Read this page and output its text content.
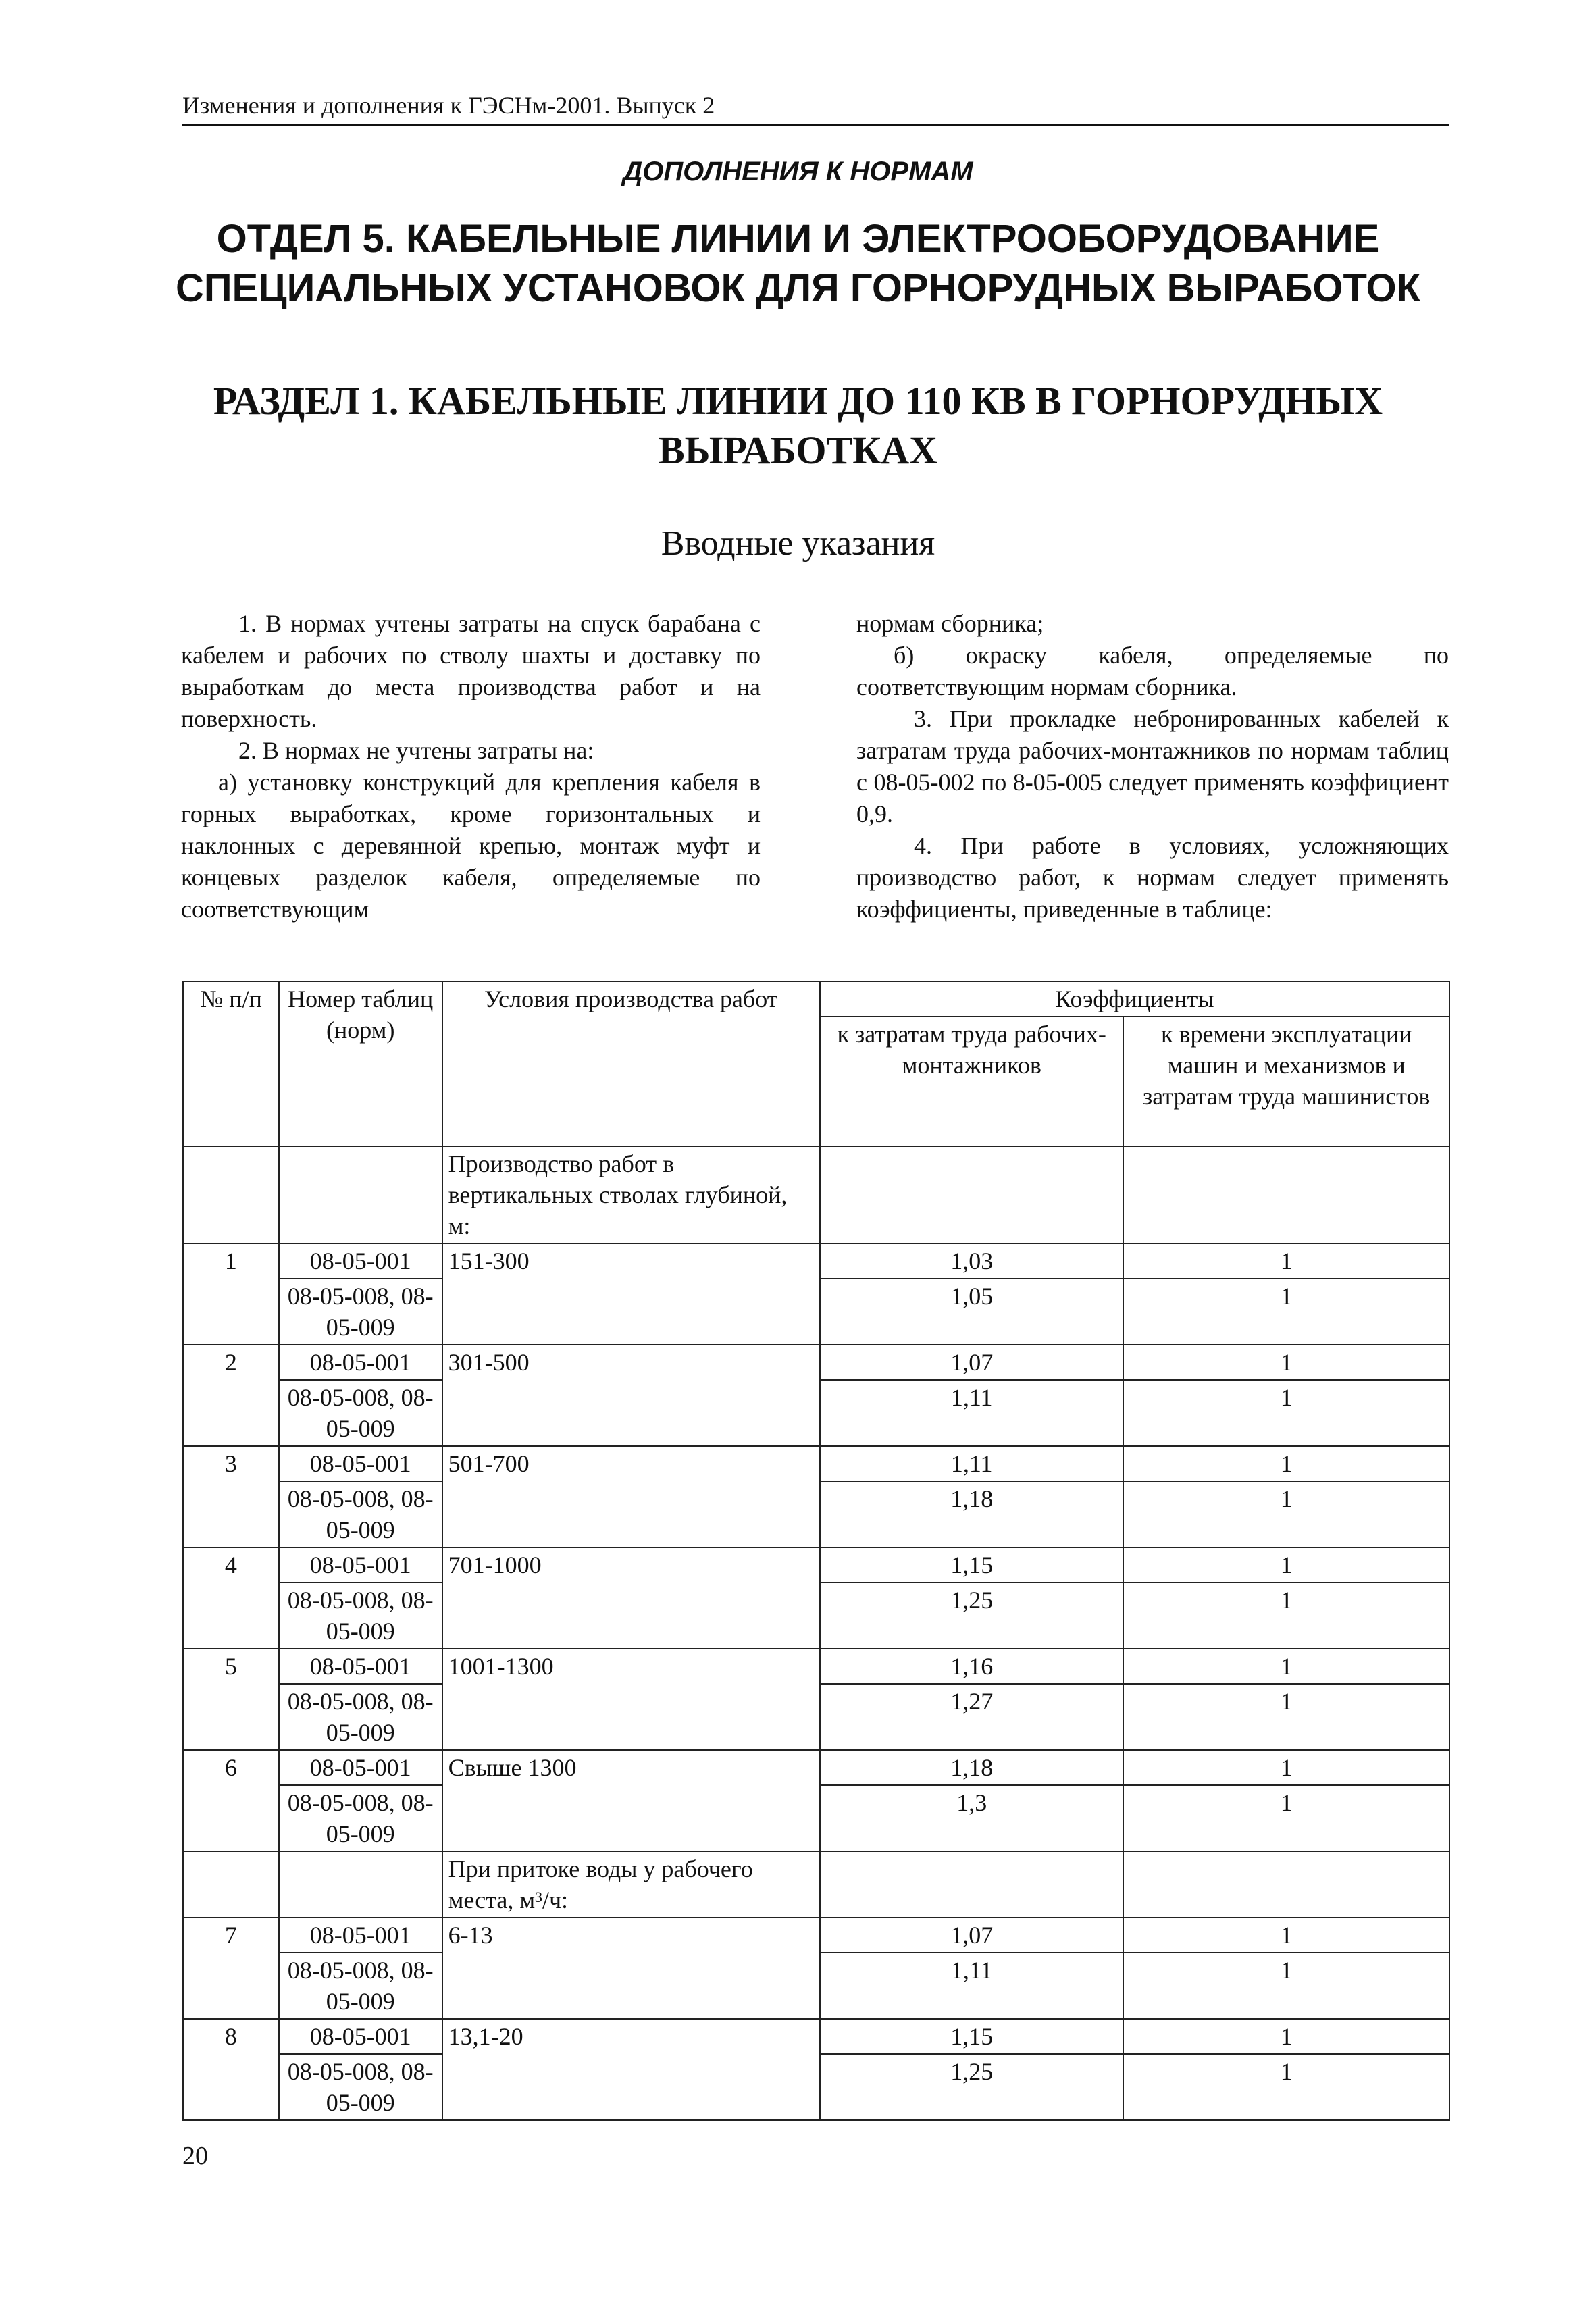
Изменения и дополнения к ГЭСНм-2001. Выпуск 2
ДОПОЛНЕНИЯ К НОРМАМ
ОТДЕЛ 5. КАБЕЛЬНЫЕ ЛИНИИ И ЭЛЕКТРООБОРУДОВАНИЕ
СПЕЦИАЛЬНЫХ УСТАНОВОК ДЛЯ ГОРНОРУДНЫХ ВЫРАБОТОК
РАЗДЕЛ 1. КАБЕЛЬНЫЕ ЛИНИИ ДО 110 КВ В ГОРНОРУДНЫХ
ВЫРАБОТКАХ
Вводные указания

1. В нормах учтены затраты на спуск барабана с кабелем и рабочих по стволу шахты и доставку по выработкам до места производства работ и на поверхность.

2. В нормах не учтены затраты на:

а) установку конструкций для крепления кабеля в горных выработках, кроме горизонтальных и наклонных с деревянной крепью, монтаж муфт и концевых разделок кабеля, определяемые по соответствующим

нормам сборника;

б) окраску кабеля, определяемые по соответствующим нормам сборника.

3. При прокладке небронированных кабелей к затратам труда рабочих-монтажников по нормам таблиц с 08-05-002 по 8-05-005 следует применять коэффициент 0,9.

4. При работе в условиях, усложняющих производство работ, к нормам следует применять коэффициенты, приведенные в таблице:

№ п/п	Номер таблиц (норм)	Условия производства работ	Коэффициенты	
			к затратам труда рабочих-монтажников	к времени эксплуатации машин и механизмов и затратам труда машинистов
		Производство работ в вертикальных стволах глубиной, м:		
1	08-05-001	151-300	1,03	1
	08-05-008, 08-05-009		1,05	1
2	08-05-001	301-500	1,07	1
	08-05-008, 08-05-009		1,11	1
3	08-05-001	501-700	1,11	1
	08-05-008, 08-05-009		1,18	1
4	08-05-001	701-1000	1,15	1
	08-05-008, 08-05-009		1,25	1
5	08-05-001	1001-1300	1,16	1
	08-05-008, 08-05-009		1,27	1
6	08-05-001	Свыше 1300	1,18	1
	08-05-008, 08-05-009		1,3	1
		При притоке воды у рабочего места, м³/ч:		
7	08-05-001	6-13	1,07	1
	08-05-008, 08-05-009		1,11	1
8	08-05-001	13,1-20	1,15	1
	08-05-008, 08-05-009		1,25	1
20
